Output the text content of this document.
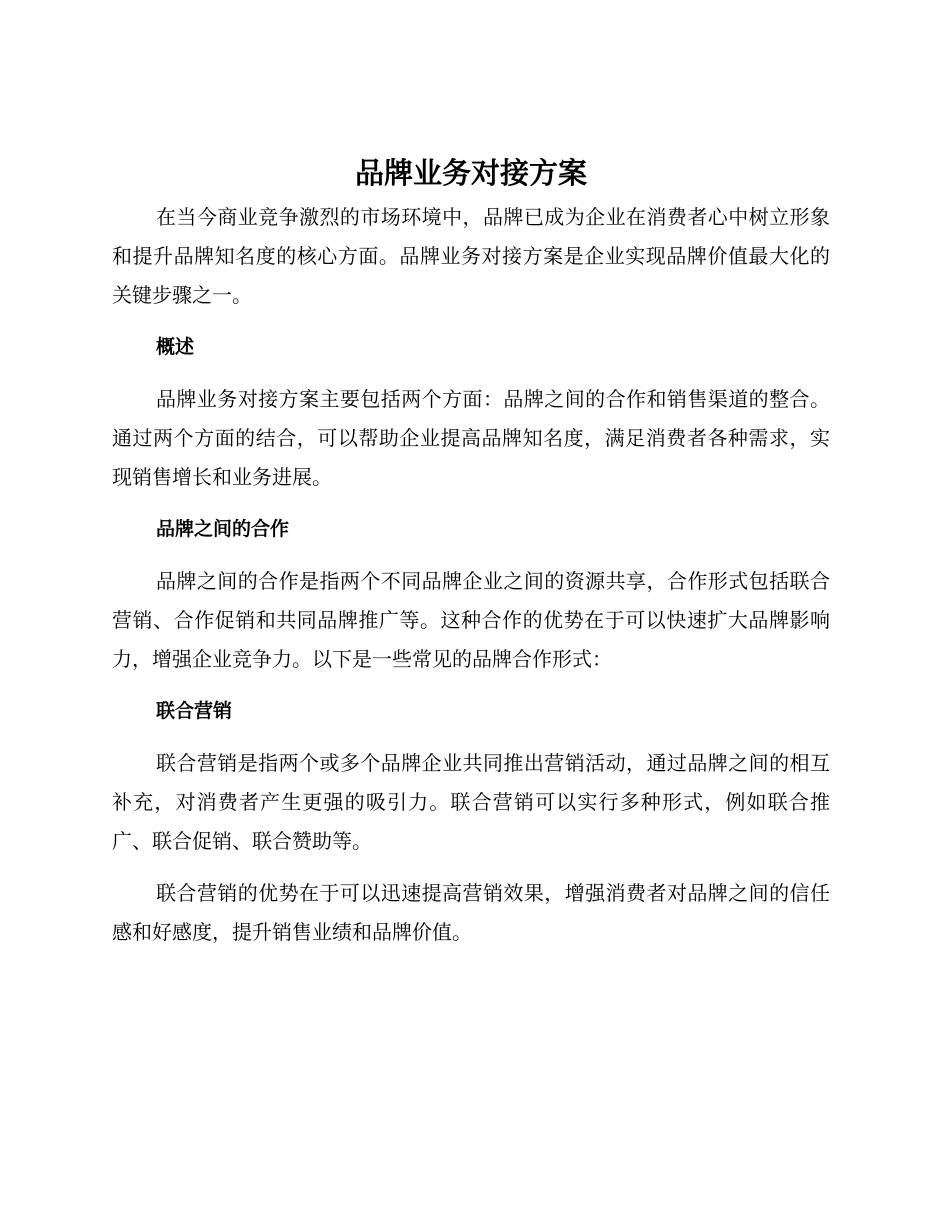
品牌业务对接方案

在当今商业竞争激烈的市场环境中，品牌已成为企业在消费者心中树立形象和提升品牌知名度的核心方面。品牌业务对接方案是企业实现品牌价值最大化的关键步骤之一。

概述

品牌业务对接方案主要包括两个方面：品牌之间的合作和销售渠道的整合。通过两个方面的结合，可以帮助企业提高品牌知名度，满足消费者各种需求，实现销售增长和业务进展。

品牌之间的合作

品牌之间的合作是指两个不同品牌企业之间的资源共享，合作形式包括联合营销、合作促销和共同品牌推广等。这种合作的优势在于可以快速扩大品牌影响力，增强企业竞争力。以下是一些常见的品牌合作形式：

联合营销

联合营销是指两个或多个品牌企业共同推出营销活动，通过品牌之间的相互补充，对消费者产生更强的吸引力。联合营销可以实行多种形式，例如联合推广、联合促销、联合赞助等。

联合营销的优势在于可以迅速提高营销效果，增强消费者对品牌之间的信任感和好感度，提升销售业绩和品牌价值。
